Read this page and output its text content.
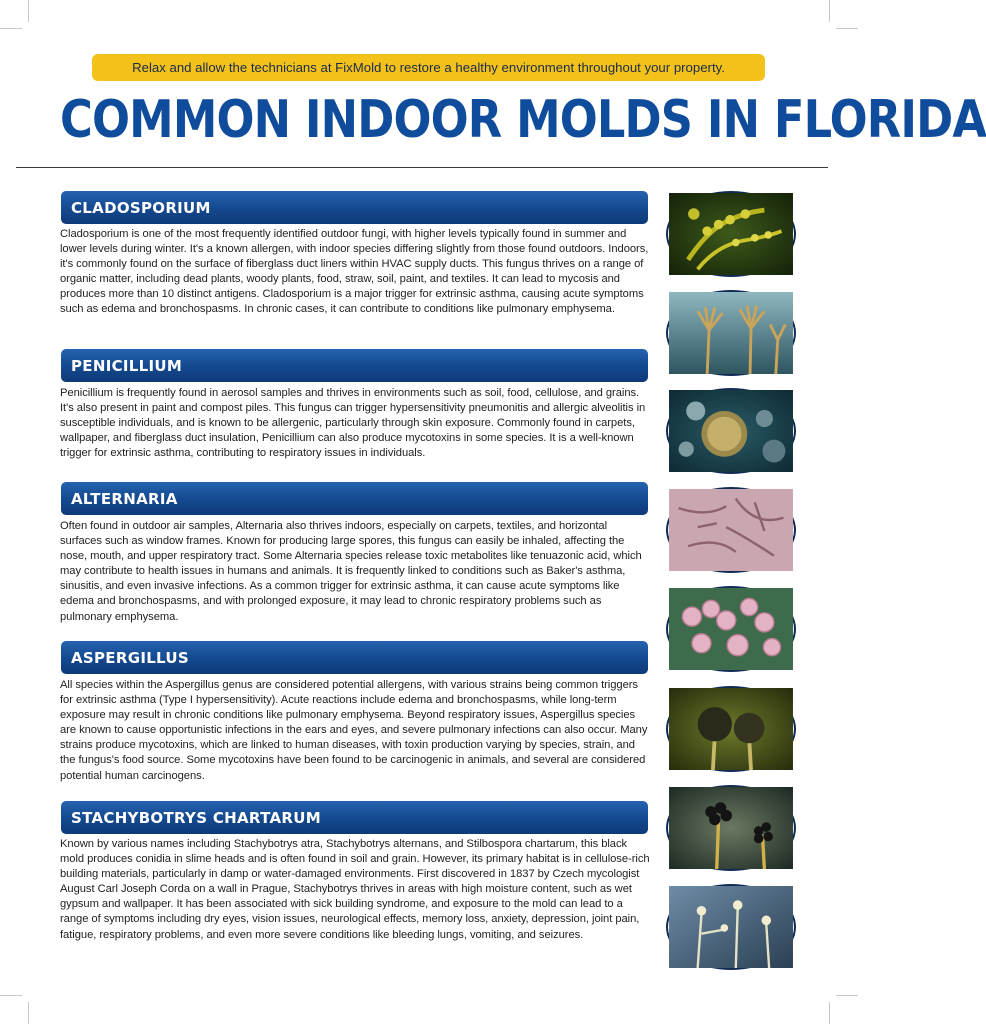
Relax and allow the technicians at FixMold to restore a healthy environment throughout your property.
COMMON INDOOR MOLDS IN FLORIDA
CLADOSPORIUM

Cladosporium is one of the most frequently identified outdoor fungi, with higher levels typically found in summer and lower levels during winter. It's a known allergen, with indoor species differing slightly from those found outdoors. Indoors, it's commonly found on the surface of fiberglass duct liners within HVAC supply ducts. This fungus thrives on a range of organic matter, including dead plants, woody plants, food, straw, soil, paint, and textiles. It can lead to mycosis and produces more than 10 distinct antigens. Cladosporium is a major trigger for extrinsic asthma, causing acute symptoms such as edema and bronchospasms. In chronic cases, it can contribute to conditions like pulmonary emphysema.

PENICILLIUM

Penicillium is frequently found in aerosol samples and thrives in environments such as soil, food, cellulose, and grains. It's also present in paint and compost piles. This fungus can trigger hypersensitivity pneumonitis and allergic alveolitis in susceptible individuals, and is known to be allergenic, particularly through skin exposure. Commonly found in carpets, wallpaper, and fiberglass duct insulation, Penicillium can also produce mycotoxins in some species. It is a well-known trigger for extrinsic asthma, contributing to respiratory issues in individuals.

ALTERNARIA

Often found in outdoor air samples, Alternaria also thrives indoors, especially on carpets, textiles, and horizontal surfaces such as window frames. Known for producing large spores, this fungus can easily be inhaled, affecting the nose, mouth, and upper respiratory tract. Some Alternaria species release toxic metabolites like tenuazonic acid, which may contribute to health issues in humans and animals. It is frequently linked to conditions such as Baker's asthma, sinusitis, and even invasive infections. As a common trigger for extrinsic asthma, it can cause acute symptoms like edema and bronchospasms, and with prolonged exposure, it may lead to chronic respiratory problems such as pulmonary emphysema.

ASPERGILLUS

All species within the Aspergillus genus are considered potential allergens, with various strains being common triggers for extrinsic asthma (Type I hypersensitivity). Acute reactions include edema and bronchospasms, while long-term exposure may result in chronic conditions like pulmonary emphysema. Beyond respiratory issues, Aspergillus species are known to cause opportunistic infections in the ears and eyes, and severe pulmonary infections can also occur. Many strains produce mycotoxins, which are linked to human diseases, with toxin production varying by species, strain, and the fungus's food source. Some mycotoxins have been found to be carcinogenic in animals, and several are considered potential human carcinogens.

STACHYBOTRYS CHARTARUM

Known by various names including Stachybotrys atra, Stachybotrys alternans, and Stilbospora chartarum, this black mold produces conidia in slime heads and is often found in soil and grain. However, its primary habitat is in cellulose-rich building materials, particularly in damp or water-damaged environments. First discovered in 1837 by Czech mycologist August Carl Joseph Corda on a wall in Prague, Stachybotrys thrives in areas with high moisture content, such as wet gypsum and wallpaper. It has been associated with sick building syndrome, and exposure to the mold can lead to a range of symptoms including dry eyes, vision issues, neurological effects, memory loss, anxiety, depression, joint pain, fatigue, respiratory problems, and even more severe conditions like bleeding lungs, vomiting, and seizures.
